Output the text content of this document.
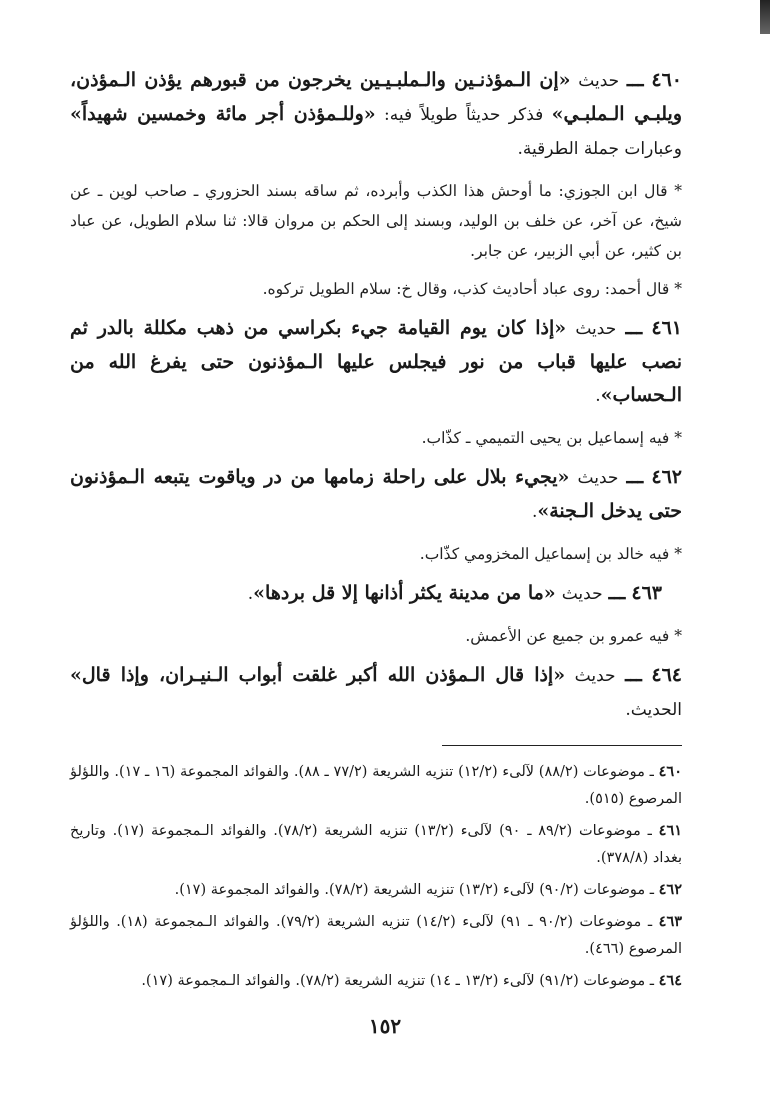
٤٦٠ ـــ حديث «إن الـمؤذنـين والـملبـيـين يخرجون من قبورهم يؤذن الـمؤذن، ويلبـي الـملبـي» فذكر حديثاً طويلاً فيه: «وللـمؤذن أجر مائة وخمسين شهيداً» وعبارات جملة الطرقية.

* قال ابن الجوزي: ما أوحش هذا الكذب وأبرده، ثم ساقه بسند الحزوري ـ صاحب لوين ـ عن شيخ، عن آخر، عن خلف بن الوليد، وبسند إلى الحكم بن مروان قالا: ثنا سلام الطويل، عن عباد بن كثير، عن أبي الزبير، عن جابر.

* قال أحمد: روى عباد أحاديث كذب، وقال خ: سلام الطويل تركوه.

٤٦١ ـــ حديث «إذا كان يوم القيامة جيء بكراسي من ذهب مكللة بالدر ثم نصب عليها قباب من نور فيجلس عليها الـمؤذنون حتى يفرغ الله من الـحساب».

* فيه إسماعيل بن يحيى التميمي ـ كذّاب.

٤٦٢ ـــ حديث «يجيء بلال على راحلة زمامها من در وياقوت يتبعه الـمؤذنون حتى يدخل الـجنة».

* فيه خالد بن إسماعيل المخزومي كذّاب.

٤٦٣ ـــ حديث «ما من مدينة يكثر أذانها إلا قل بردها».

* فيه عمرو بن جميع عن الأعمش.

٤٦٤ ـــ حديث «إذا قال الـمؤذن الله أكبر غلقت أبواب الـنيـران، وإذا قال» الحديث.

٤٦٠ ـ موضوعات (٨٨/٢) لآلىء (١٢/٢) تنزيه الشريعة (٧٧/٢ ـ ٨٨). والفوائد المجموعة (١٦ ـ ١٧). واللؤلؤ المرصوع (٥١٥).

٤٦١ ـ موضوعات (٨٩/٢ ـ ٩٠) لآلىء (١٣/٢) تنزيه الشريعة (٧٨/٢). والفوائد الـمجموعة (١٧). وتاريخ بغداد (٣٧٨/٨).

٤٦٢ ـ موضوعات (٩٠/٢) لآلىء (١٣/٢) تنزيه الشريعة (٧٨/٢). والفوائد المجموعة (١٧).

٤٦٣ ـ موضوعات (٩٠/٢ ـ ٩١) لآلىء (١٤/٢) تنزيه الشريعة (٧٩/٢). والفوائد الـمجموعة (١٨). واللؤلؤ المرصوع (٤٦٦).

٤٦٤ ـ موضوعات (٩١/٢) لآلىء (١٣/٢ ـ ١٤) تنزيه الشريعة (٧٨/٢). والفوائد الـمجموعة (١٧).

١٥٢
